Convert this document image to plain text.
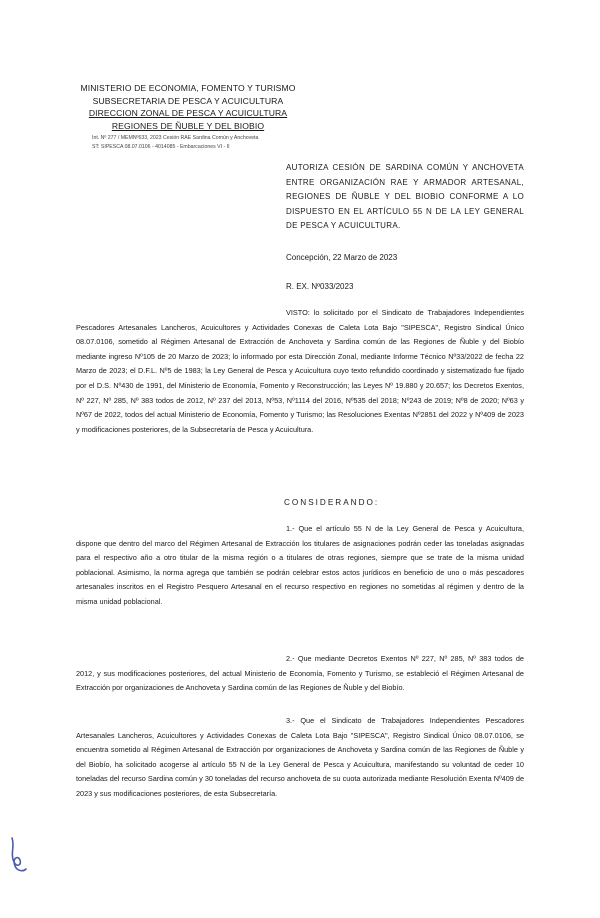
MINISTERIO DE ECONOMIA, FOMENTO Y TURISMO
SUBSECRETARIA DE PESCA Y ACUICULTURA
DIRECCION ZONAL DE PESCA Y ACUICULTURA
REGIONES DE ÑUBLE Y DEL BIOBIO
Int. Nº 277 / MEMNº633, 2023 Cesión RAE Sardina Común y Anchoveta
ST: SIPESCA 08.07.0106 - 4014085 - Embarcaciones VI - II
AUTORIZA CESIÓN DE SARDINA COMÚN Y ANCHOVETA ENTRE ORGANIZACIÓN RAE Y ARMADOR ARTESANAL, REGIONES DE ÑUBLE Y DEL BIOBIO CONFORME A LO DISPUESTO EN EL ARTÍCULO 55 N DE LA LEY GENERAL DE PESCA Y ACUICULTURA.
Concepción, 22 Marzo de 2023
R. EX. Nº033/2023
VISTO: lo solicitado por el Sindicato de Trabajadores Independientes Pescadores Artesanales Lancheros, Acuicultores y Actividades Conexas de Caleta Lota Bajo "SIPESCA", Registro Sindical Único 08.07.0106, sometido al Régimen Artesanal de Extracción de Anchoveta y Sardina común de las Regiones de Ñuble y del Biobío mediante ingreso Nº105 de 20 Marzo de 2023; lo informado por esta Dirección Zonal, mediante Informe Técnico Nº33/2022 de fecha 22 Marzo de 2023; el D.F.L. Nº5 de 1983; la Ley General de Pesca y Acuicultura cuyo texto refundido coordinado y sistematizado fue fijado por el D.S. Nº430 de 1991, del Ministerio de Economía, Fomento y Reconstrucción; las Leyes Nº 19.880 y 20.657; los Decretos Exentos, Nº 227, Nº 285, Nº 383 todos de 2012, Nº 237 del 2013, Nº53, Nº1114 del 2016, Nº535 del 2018; Nº243 de 2019; Nº8 de 2020; Nº63 y Nº67 de 2022, todos del actual Ministerio de Economía, Fomento y Turismo; las Resoluciones Exentas Nº2851 del 2022 y Nº409 de 2023 y modificaciones posteriores, de la Subsecretaría de Pesca y Acuicultura.
CONSIDERANDO:
1.- Que el artículo 55 N de la Ley General de Pesca y Acuicultura, dispone que dentro del marco del Régimen Artesanal de Extracción los titulares de asignaciones podrán ceder las toneladas asignadas para el respectivo año a otro titular de la misma región o a titulares de otras regiones, siempre que se trate de la misma unidad poblacional. Asimismo, la norma agrega que también se podrán celebrar estos actos jurídicos en beneficio de uno o más pescadores artesanales inscritos en el Registro Pesquero Artesanal en el recurso respectivo en regiones no sometidas al régimen y dentro de la misma unidad poblacional.
2.- Que mediante Decretos Exentos Nº 227, Nº 285, Nº 383 todos de 2012, y sus modificaciones posteriores, del actual Ministerio de Economía, Fomento y Turismo, se estableció el Régimen Artesanal de Extracción por organizaciones de Anchoveta y Sardina común de las Regiones de Ñuble y del Biobío.
3.- Que el Sindicato de Trabajadores Independientes Pescadores Artesanales Lancheros, Acuicultores y Actividades Conexas de Caleta Lota Bajo "SIPESCA", Registro Sindical Único 08.07.0106, se encuentra sometido al Régimen Artesanal de Extracción por organizaciones de Anchoveta y Sardina común de las Regiones de Ñuble y del Biobío, ha solicitado acogerse al artículo 55 N de la Ley General de Pesca y Acuicultura, manifestando su voluntad de ceder 10 toneladas del recurso Sardina común y 30 toneladas del recurso anchoveta de su cuota autorizada mediante Resolución Exenta Nº409 de 2023 y sus modificaciones posteriores, de esta Subsecretaría.
